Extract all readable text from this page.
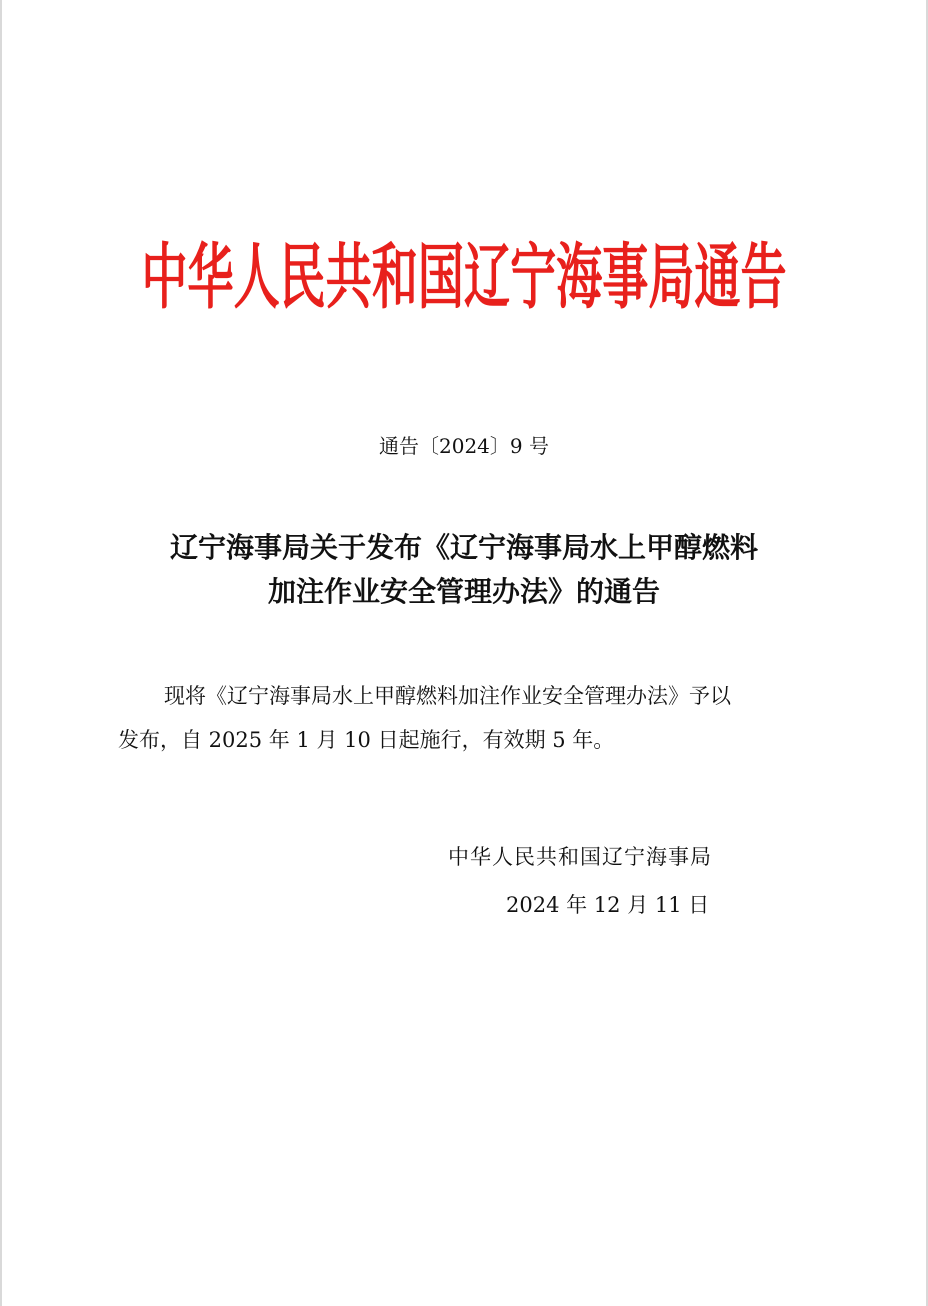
中华人民共和国辽宁海事局通告
通告〔2024〕9 号
辽宁海事局关于发布《辽宁海事局水上甲醇燃料
加注作业安全管理办法》的通告
现将《辽宁海事局水上甲醇燃料加注作业安全管理办法》予以
发布，自 2025 年 1 月 10 日起施行，有效期 5 年。
中华人民共和国辽宁海事局
2024 年 12 月 11 日
